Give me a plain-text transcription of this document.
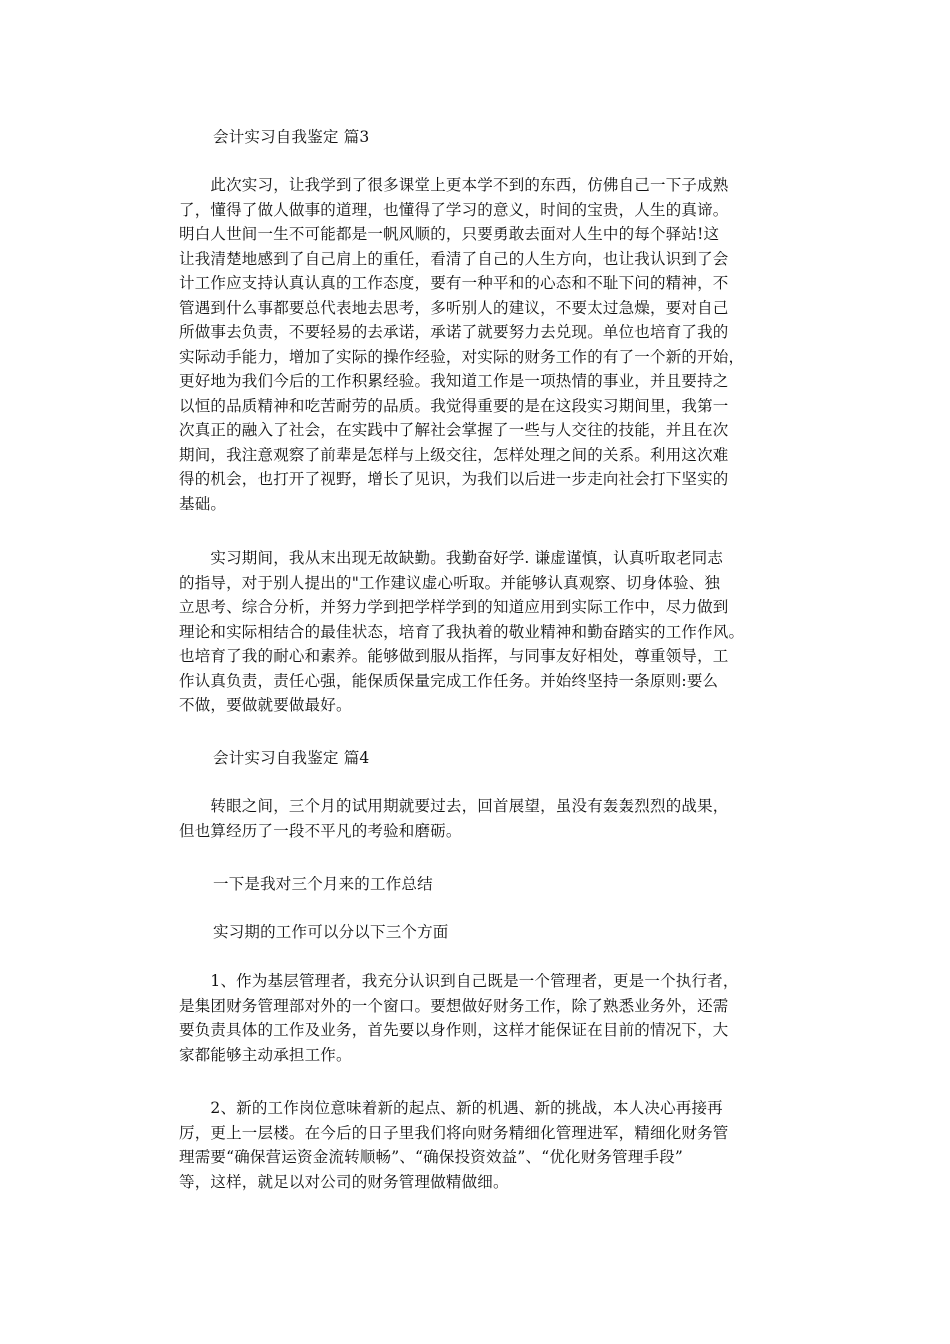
会计实习自我鉴定 篇3
　　此次实习，让我学到了很多课堂上更本学不到的东西，仿佛自己一下子成熟
了，懂得了做人做事的道理，也懂得了学习的意义，时间的宝贵，人生的真谛。
明白人世间一生不可能都是一帆风顺的，只要勇敢去面对人生中的每个驿站!这
让我清楚地感到了自己肩上的重任，看清了自己的人生方向，也让我认识到了会
计工作应支持认真认真的工作态度，要有一种平和的心态和不耻下问的精神，不
管遇到什么事都要总代表地去思考，多听别人的建议，不要太过急燥，要对自己
所做事去负责，不要轻易的去承诺，承诺了就要努力去兑现。单位也培育了我的
实际动手能力，增加了实际的操作经验，对实际的财务工作的有了一个新的开始，
更好地为我们今后的工作积累经验。我知道工作是一项热情的事业，并且要持之
以恒的品质精神和吃苦耐劳的品质。我觉得重要的是在这段实习期间里，我第一
次真正的融入了社会，在实践中了解社会掌握了一些与人交往的技能，并且在次
期间，我注意观察了前辈是怎样与上级交往，怎样处理之间的关系。利用这次难
得的机会，也打开了视野，增长了见识，为我们以后进一步走向社会打下坚实的
基础。
　　实习期间，我从末出现无故缺勤。我勤奋好学. 谦虚谨慎，认真听取老同志
的指导，对于别人提出的"工作建议虚心听取。并能够认真观察、切身体验、独
立思考、综合分析，并努力学到把学样学到的知道应用到实际工作中，尽力做到
理论和实际相结合的最佳状态，培育了我执着的敬业精神和勤奋踏实的工作作风。
也培育了我的耐心和素养。能够做到服从指挥，与同事友好相处，尊重领导，工
作认真负责，责任心强，能保质保量完成工作任务。并始终坚持一条原则:要么
不做，要做就要做最好。
会计实习自我鉴定 篇4
　　转眼之间，三个月的试用期就要过去，回首展望，虽没有轰轰烈烈的战果，
但也算经历了一段不平凡的考验和磨砺。
一下是我对三个月来的工作总结
实习期的工作可以分以下三个方面
　　1、作为基层管理者，我充分认识到自己既是一个管理者，更是一个执行者，
是集团财务管理部对外的一个窗口。要想做好财务工作，除了熟悉业务外，还需
要负责具体的工作及业务，首先要以身作则，这样才能保证在目前的情况下，大
家都能够主动承担工作。
　　2、新的工作岗位意味着新的起点、新的机遇、新的挑战，本人决心再接再
厉，更上一层楼。在今后的日子里我们将向财务精细化管理进军，精细化财务管
理需要“确保营运资金流转顺畅”、“确保投资效益”、“优化财务管理手段”
等，这样，就足以对公司的财务管理做精做细。
